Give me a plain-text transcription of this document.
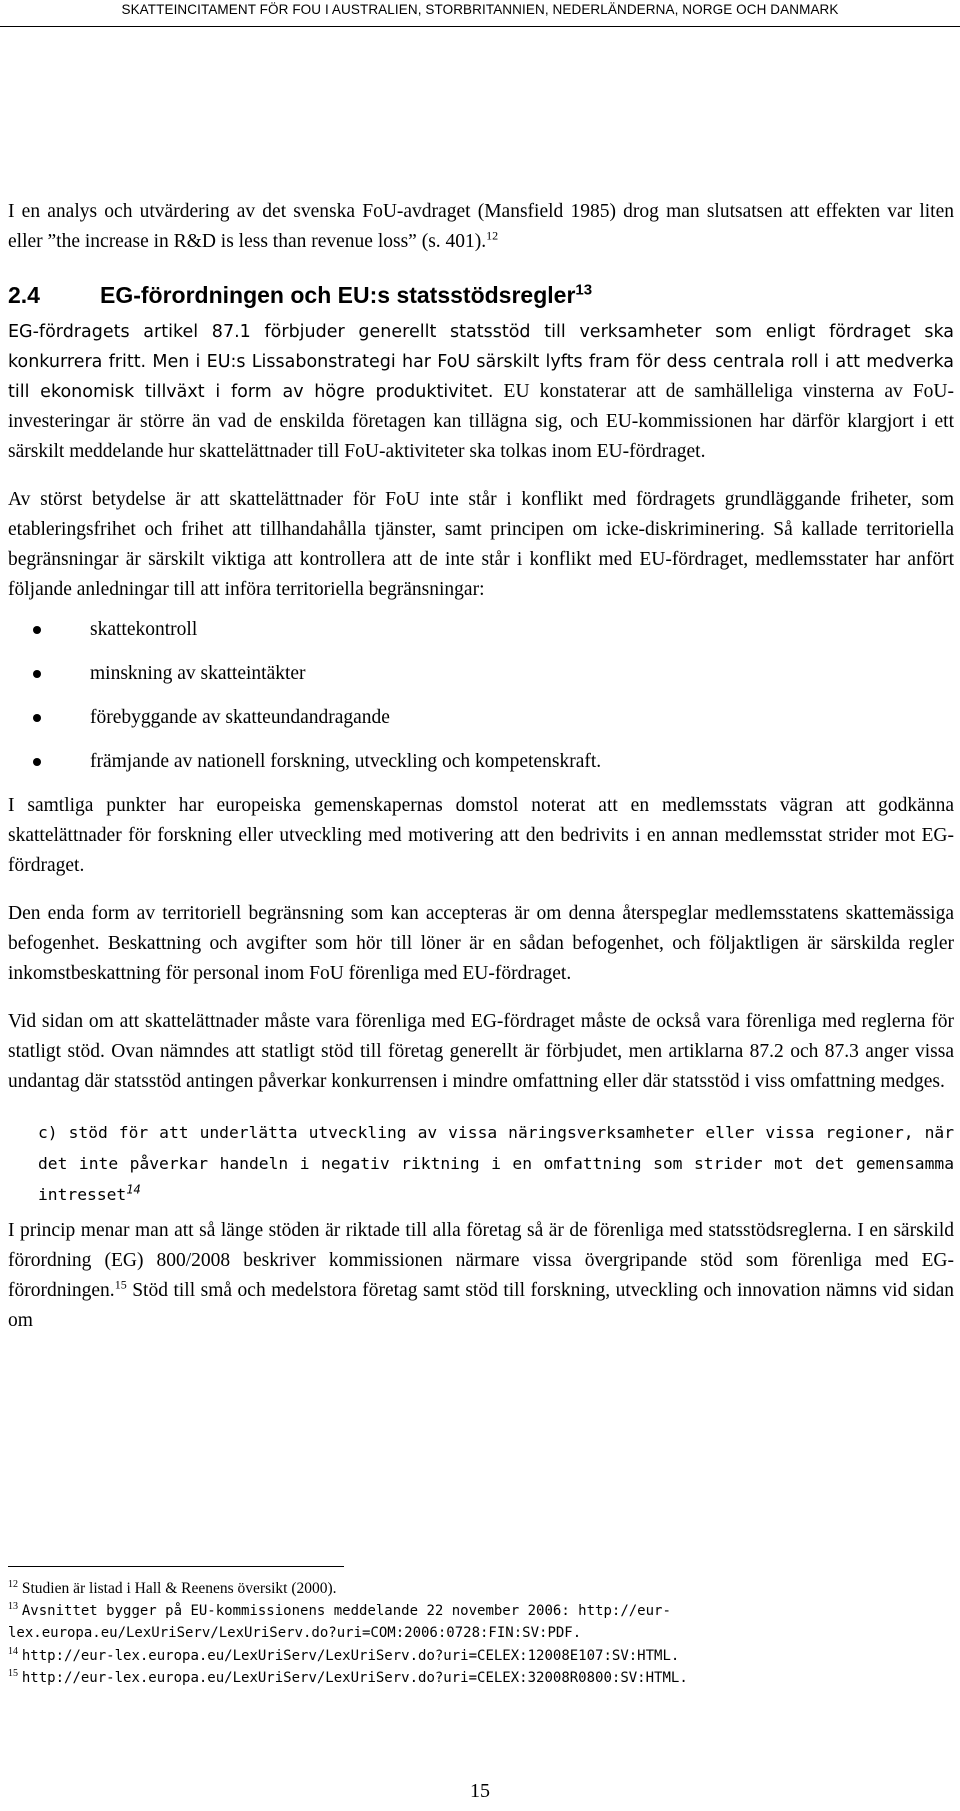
SKATTEINCITAMENT FÖR FOU I AUSTRALIEN, STORBRITANNIEN, NEDERLÄNDERNA, NORGE OCH DANMARK

I en analys och utvärdering av det svenska FoU-avdraget (Mansfield 1985) drog man slutsatsen att effekten var liten eller ”the increase in R&D is less than revenue loss” (s. 401).$^{12}$

2.4	EG-förordningen och EU:s statsstödsregler$^{13}$

EG-fördragets artikel 87.1 förbjuder generellt statsstöd till verksamheter som enligt fördraget ska konkurrera fritt. Men i EU:s Lissabonstrategi har FoU särskilt lyfts fram för dess centrala roll i att medverka till ekonomisk tillväxt i form av högre produktivitet. EU konstaterar att de samhälleliga vinsterna av FoU-investeringar är större än vad de enskilda företagen kan tillägna sig, och EU-kommissionen har därför klargjort i ett särskilt meddelande hur skattelättnader till FoU-aktiviteter ska tolkas inom EU-fördraget.

Av störst betydelse är att skattelättnader för FoU inte står i konflikt med fördragets grundläggande friheter, som etableringsfrihet och frihet att tillhandahålla tjänster, samt principen om icke-diskriminering. Så kallade territoriella begränsningar är särskilt viktiga att kontrollera att de inte står i konflikt med EU-fördraget, medlemsstater har anfört följande anledningar till att införa territoriella begränsningar:

skattekontroll
minskning av skatteintäkter
förebyggande av skatteundandragande
främjande av nationell forskning, utveckling och kompetenskraft.

I samtliga punkter har europeiska gemenskapernas domstol noterat att en medlemsstats vägran att godkänna skattelättnader för forskning eller utveckling med motivering att den bedrivits i en annan medlemsstat strider mot EG-fördraget.

Den enda form av territoriell begränsning som kan accepteras är om denna återspeglar medlemsstatens skattemässiga befogenhet. Beskattning och avgifter som hör till löner är en sådan befogenhet, och följaktligen är särskilda regler inkomstbeskattning för personal inom FoU förenliga med EU-fördraget.

Vid sidan om att skattelättnader måste vara förenliga med EG-fördraget måste de också vara förenliga med reglerna för statligt stöd. Ovan nämndes att statligt stöd till företag generellt är förbjudet, men artiklarna 87.2 och 87.3 anger vissa undantag där statsstöd antingen påverkar konkurrensen i mindre omfattning eller där statsstöd i viss omfattning medges.

c) stöd för att underlätta utveckling av vissa näringsverksamheter eller vissa regioner, när det inte påverkar handeln i negativ riktning i en omfattning som strider mot det gemensamma intresset$^{14}$

I princip menar man att så länge stöden är riktade till alla företag så är de förenliga med statsstödsreglerna. I en särskild förordning (EG) 800/2008 beskriver kommissionen närmare vissa övergripande stöd som förenliga med EG-förordningen.$^{15}$ Stöd till små och medelstora företag samt stöd till forskning, utveckling och innovation nämns vid sidan om

$^{12}$ Studien är listad i Hall & Reenens översikt (2000).

$^{13}$ Avsnittet bygger på EU-kommissionens meddelande 22 november 2006: http://eur-lex.europa.eu/LexUriServ/LexUriServ.do?uri=COM:2006:0728:FIN:SV:PDF.

$^{14}$ http://eur-lex.europa.eu/LexUriServ/LexUriServ.do?uri=CELEX:12008E107:SV:HTML.

$^{15}$ http://eur-lex.europa.eu/LexUriServ/LexUriServ.do?uri=CELEX:32008R0800:SV:HTML.

15
